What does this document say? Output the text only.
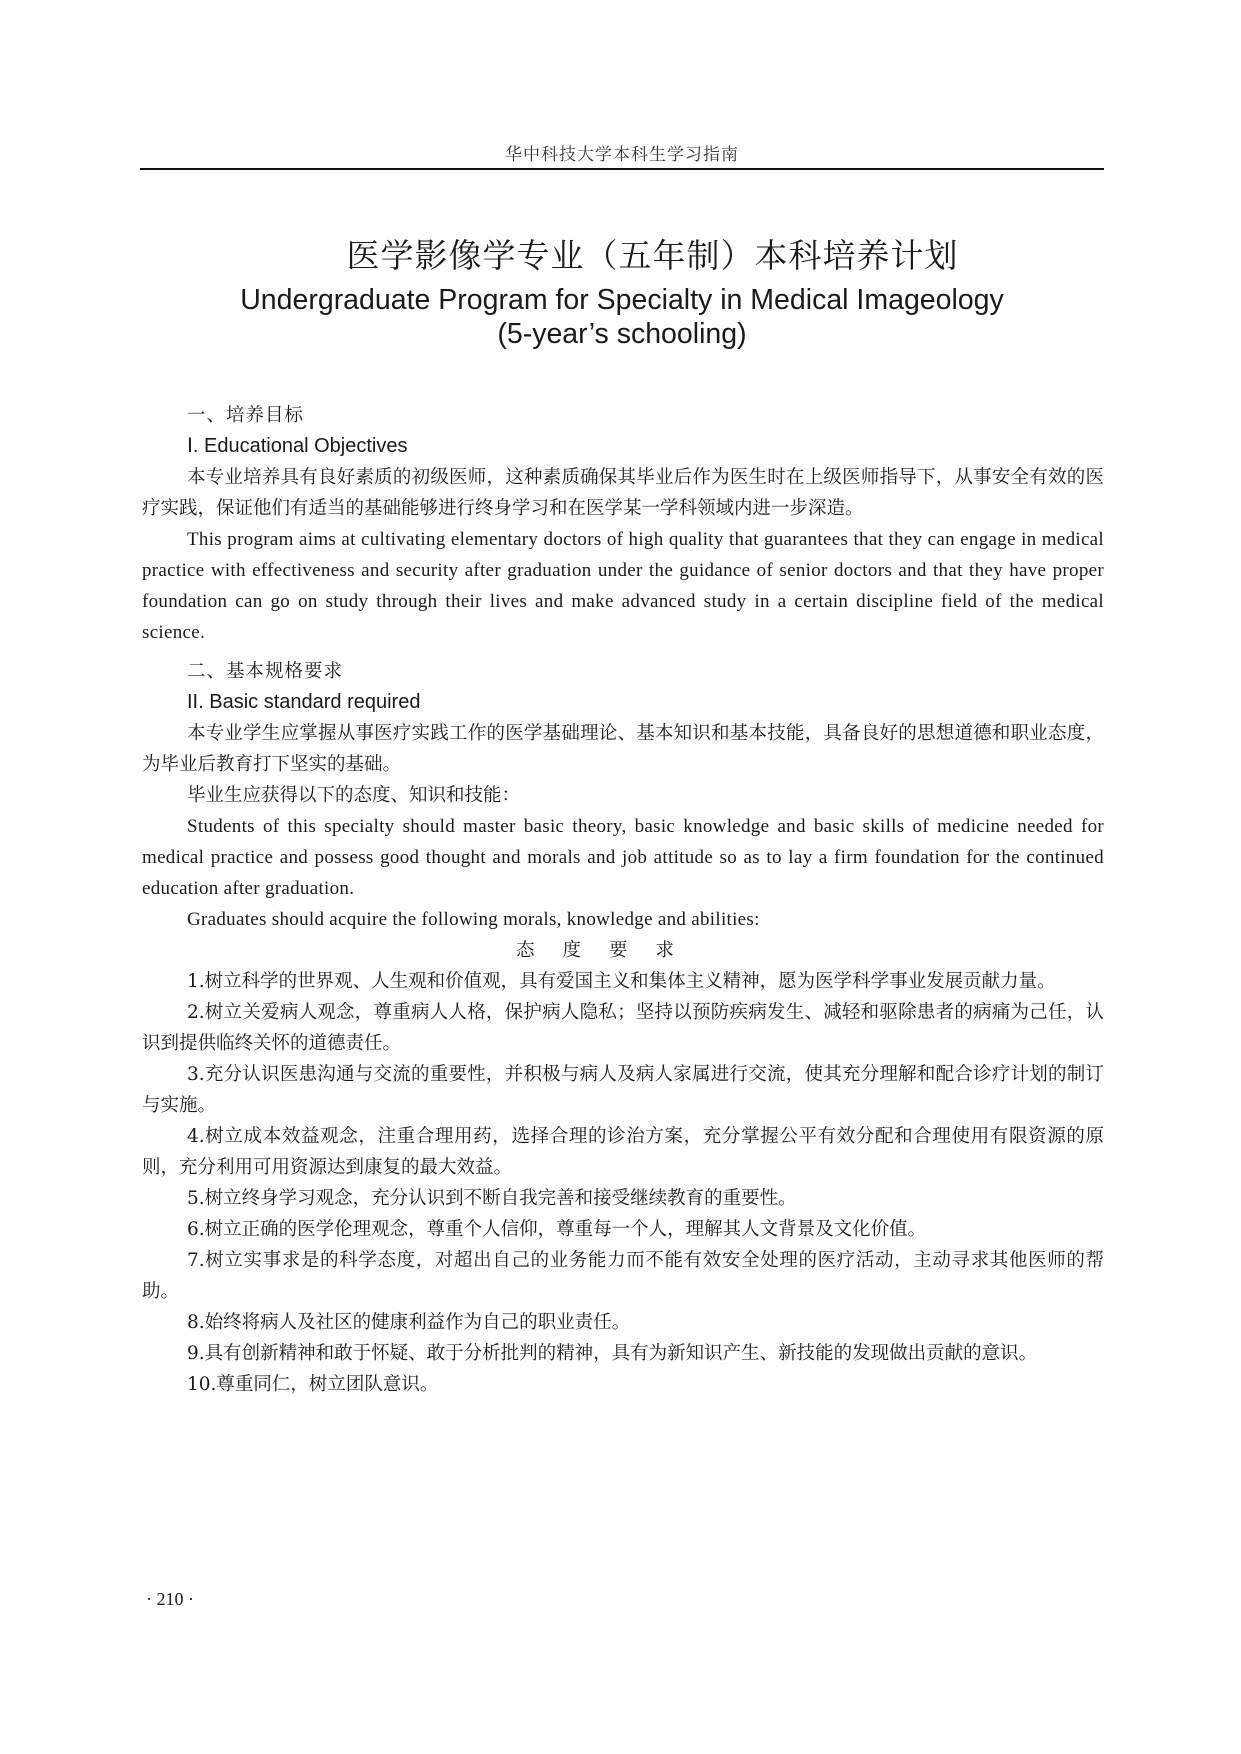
华中科技大学本科生学习指南
医学影像学专业（五年制）本科培养计划
Undergraduate Program for Specialty in Medical Imageology
(5-year’s schooling)

一、培养目标

Ⅰ. Educational Objectives

本专业培养具有良好素质的初级医师，这种素质确保其毕业后作为医生时在上级医师指导下，从事安全有效的医疗实践，保证他们有适当的基础能够进行终身学习和在医学某一学科领域内进一步深造。

This program aims at cultivating elementary doctors of high quality that guarantees that they can engage in medical practice with effectiveness and security after graduation under the guidance of senior doctors and that they have proper foundation can go on study through their lives and make advanced study in a certain discipline field of the medical science.

二、基本规格要求

II. Basic standard required

本专业学生应掌握从事医疗实践工作的医学基础理论、基本知识和基本技能，具备良好的思想道德和职业态度，为毕业后教育打下坚实的基础。

毕业生应获得以下的态度、知识和技能：

Students of this specialty should master basic theory, basic knowledge and basic skills of medicine needed for medical practice and possess good thought and morals and job attitude so as to lay a firm foundation for the continued education after graduation.

Graduates should acquire the following morals, knowledge and abilities:

态度要求

1.树立科学的世界观、人生观和价值观，具有爱国主义和集体主义精神，愿为医学科学事业发展贡献力量。

2.树立关爱病人观念，尊重病人人格，保护病人隐私；坚持以预防疾病发生、减轻和驱除患者的病痛为己任，认识到提供临终关怀的道德责任。

3.充分认识医患沟通与交流的重要性，并积极与病人及病人家属进行交流，使其充分理解和配合诊疗计划的制订与实施。

4.树立成本效益观念，注重合理用药，选择合理的诊治方案，充分掌握公平有效分配和合理使用有限资源的原则，充分利用可用资源达到康复的最大效益。

5.树立终身学习观念，充分认识到不断自我完善和接受继续教育的重要性。

6.树立正确的医学伦理观念，尊重个人信仰，尊重每一个人，理解其人文背景及文化价值。

7.树立实事求是的科学态度，对超出自己的业务能力而不能有效安全处理的医疗活动，主动寻求其他医师的帮助。

8.始终将病人及社区的健康利益作为自己的职业责任。

9.具有创新精神和敢于怀疑、敢于分析批判的精神，具有为新知识产生、新技能的发现做出贡献的意识。

10.尊重同仁，树立团队意识。

· 210 ·
